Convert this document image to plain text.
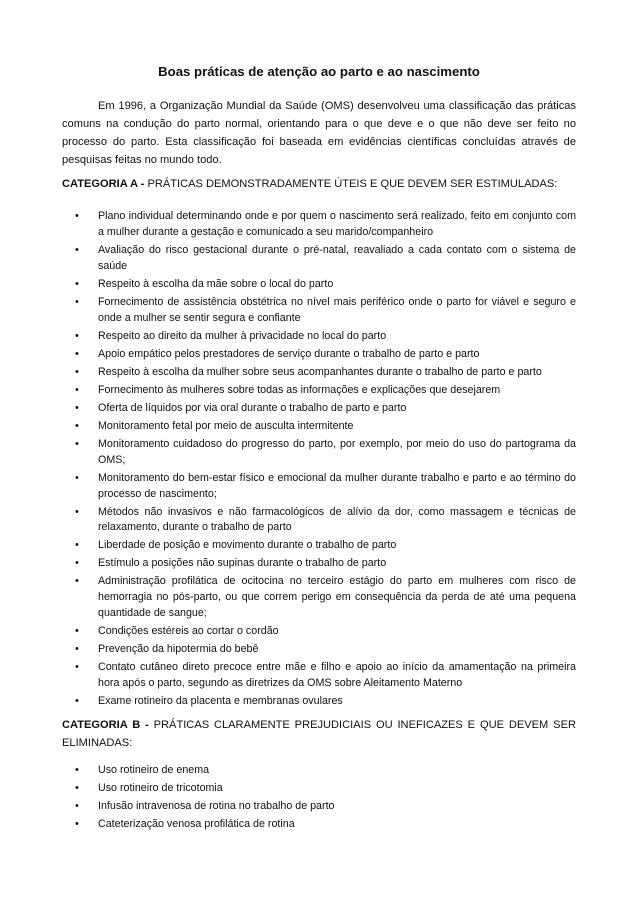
Boas práticas de atenção ao parto e ao nascimento

Em 1996, a Organização Mundial da Saúde (OMS) desenvolveu uma classificação das práticas comuns na condução do parto normal, orientando para o que deve e o que não deve ser feito no processo do parto. Esta classificação foi baseada em evidências científicas concluídas através de pesquisas feitas no mundo todo.

CATEGORIA A - PRÁTICAS DEMONSTRADAMENTE ÚTEIS E QUE DEVEM SER ESTIMULADAS:

• Plano individual determinando onde e por quem o nascimento será realizado, feito em conjunto com a mulher durante a gestação e comunicado a seu marido/companheiro
• Avaliação do risco gestacional durante o pré-natal, reavaliado a cada contato com o sistema de saúde
• Respeito à escolha da mãe sobre o local do parto
• Fornecimento de assistência obstétrica no nível mais periférico onde o parto for viável e seguro e onde a mulher se sentir segura e confiante
• Respeito ao direito da mulher à privacidade no local do parto
• Apoio empático pelos prestadores de serviço durante o trabalho de parto e parto
• Respeito à escolha da mulher sobre seus acompanhantes durante o trabalho de parto e parto
• Fornecimento às mulheres sobre todas as informações e explicações que desejarem
• Oferta de líquidos por via oral durante o trabalho de parto e parto
• Monitoramento fetal por meio de ausculta intermitente
• Monitoramento cuidadoso do progresso do parto, por exemplo, por meio do uso do partograma da OMS;
• Monitoramento do bem-estar físico e emocional da mulher durante trabalho e parto e ao término do processo de nascimento;
• Métodos não invasivos e não farmacológicos de alívio da dor, como massagem e técnicas de relaxamento, durante o trabalho de parto
• Liberdade de posição e movimento durante o trabalho de parto
• Estímulo a posições não supinas durante o trabalho de parto
• Administração profilática de ocitocina no terceiro estágio do parto em mulheres com risco de hemorragia no pós-parto, ou que correm perigo em consequência da perda de até uma pequena quantidade de sangue;
• Condições estéreis ao cortar o cordão
• Prevenção da hipotermia do bebê
• Contato cutâneo direto precoce entre mãe e filho e apoio ao início da amamentação na primeira hora após o parto, segundo as diretrizes da OMS sobre Aleitamento Materno
• Exame rotineiro da placenta e membranas ovulares

CATEGORIA B - PRÁTICAS CLARAMENTE PREJUDICIAIS OU INEFICAZES E QUE DEVEM SER ELIMINADAS:

• Uso rotineiro de enema
• Uso rotineiro de tricotomia
• Infusão intravenosa de rotina no trabalho de parto
• Cateterização venosa profilática de rotina
